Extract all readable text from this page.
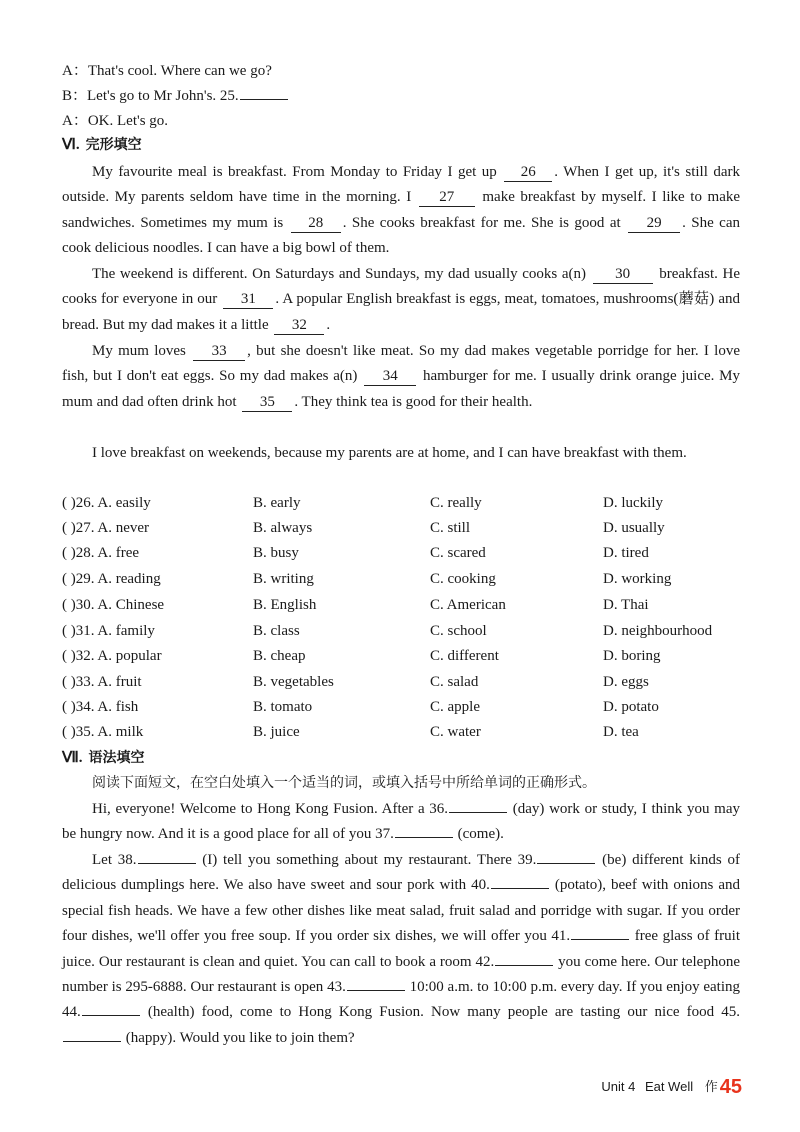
A：That's cool. Where can we go?
B：Let's go to Mr John's. 25.
A：OK. Let's go.
Ⅵ. 完形填空
My favourite meal is breakfast. From Monday to Friday I get up 26 . When I get up, it's still dark outside. My parents seldom have time in the morning. I 27 make breakfast by myself. I like to make sandwiches. Sometimes my mum is 28 . She cooks breakfast for me. She is good at 29 . She can cook delicious noodles. I can have a big bowl of them.
The weekend is different. On Saturdays and Sundays, my dad usually cooks a(n) 30 breakfast. He cooks for everyone in our 31 . A popular English breakfast is eggs, meat, tomatoes, mushrooms(蘑菇) and bread. But my dad makes it a little 32 .
My mum loves 33 , but she doesn't like meat. So my dad makes vegetable porridge for her. I love fish, but I don't eat eggs. So my dad makes a(n) 34 hamburger for me. I usually drink orange juice. My mum and dad often drink hot 35 . They think tea is good for their health.
I love breakfast on weekends, because my parents are at home, and I can have breakfast with them.
( )26. A. easily	B. early	C. really	D. luckily
( )27. A. never	B. always	C. still	D. usually
( )28. A. free	B. busy	C. scared	D. tired
( )29. A. reading	B. writing	C. cooking	D. working
( )30. A. Chinese	B. English	C. American	D. Thai
( )31. A. family	B. class	C. school	D. neighbourhood
( )32. A. popular	B. cheap	C. different	D. boring
( )33. A. fruit	B. vegetables	C. salad	D. eggs
( )34. A. fish	B. tomato	C. apple	D. potato
( )35. A. milk	B. juice	C. water	D. tea
Ⅶ. 语法填空
阅读下面短文，在空白处填入一个适当的词，或填入括号中所给单词的正确形式。
Hi, everyone! Welcome to Hong Kong Fusion. After a 36.	(day) work or study, I think you may be hungry now. And it is a good place for all of you 37.	(come).
Let 38.	(I) tell you something about my restaurant. There 39.	(be) different kinds of delicious dumplings here. We also have sweet and sour pork with 40.	(potato), beef with onions and special fish heads. We have a few other dishes like meat salad, fruit salad and porridge with sugar. If you order four dishes, we'll offer you free soup. If you order six dishes, we will offer you 41.	free glass of fruit juice. Our restaurant is clean and quiet. You can call to book a room 42.	you come here. Our telephone number is 295-6888. Our restaurant is open 43.	10:00 a.m. to 10:00 p.m. every day. If you enjoy eating 44.	(health) food, come to Hong Kong Fusion. Now many people are tasting our nice food 45. (happy). Would you like to join them?
Unit 4 Eat Well 作 45
